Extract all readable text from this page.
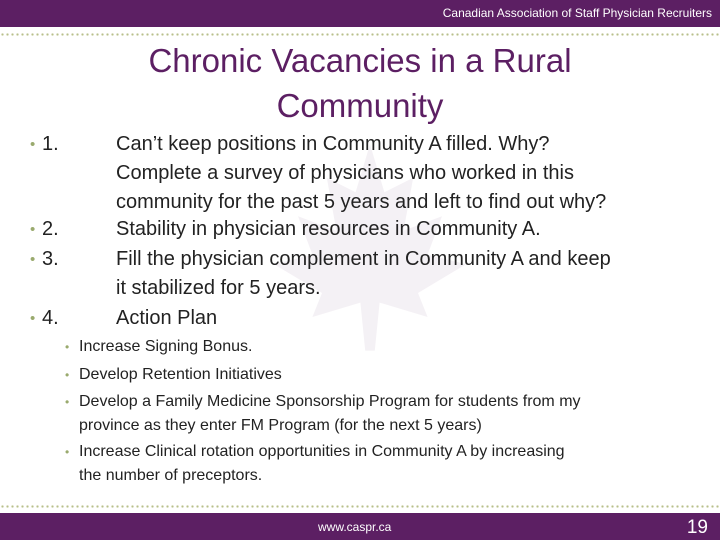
Canadian Association of Staff Physician Recruiters
Chronic Vacancies in a Rural
Community
• 1.	Can’t keep positions in Community A filled. Why?
Complete a survey of physicians who worked in this
community for the past 5 years and left to find out why?
• 2.	Stability in physician resources in Community A.
• 3.	Fill the physician complement in Community A and keep
it stabilized for 5 years.
• 4.	Action Plan
• Increase Signing Bonus.
• Develop Retention Initiatives
• Develop a Family Medicine Sponsorship Program for students from my
province as they enter FM Program (for the next 5 years)
• Increase Clinical rotation opportunities in Community A by increasing
the number of preceptors.
www.caspr.ca	19
